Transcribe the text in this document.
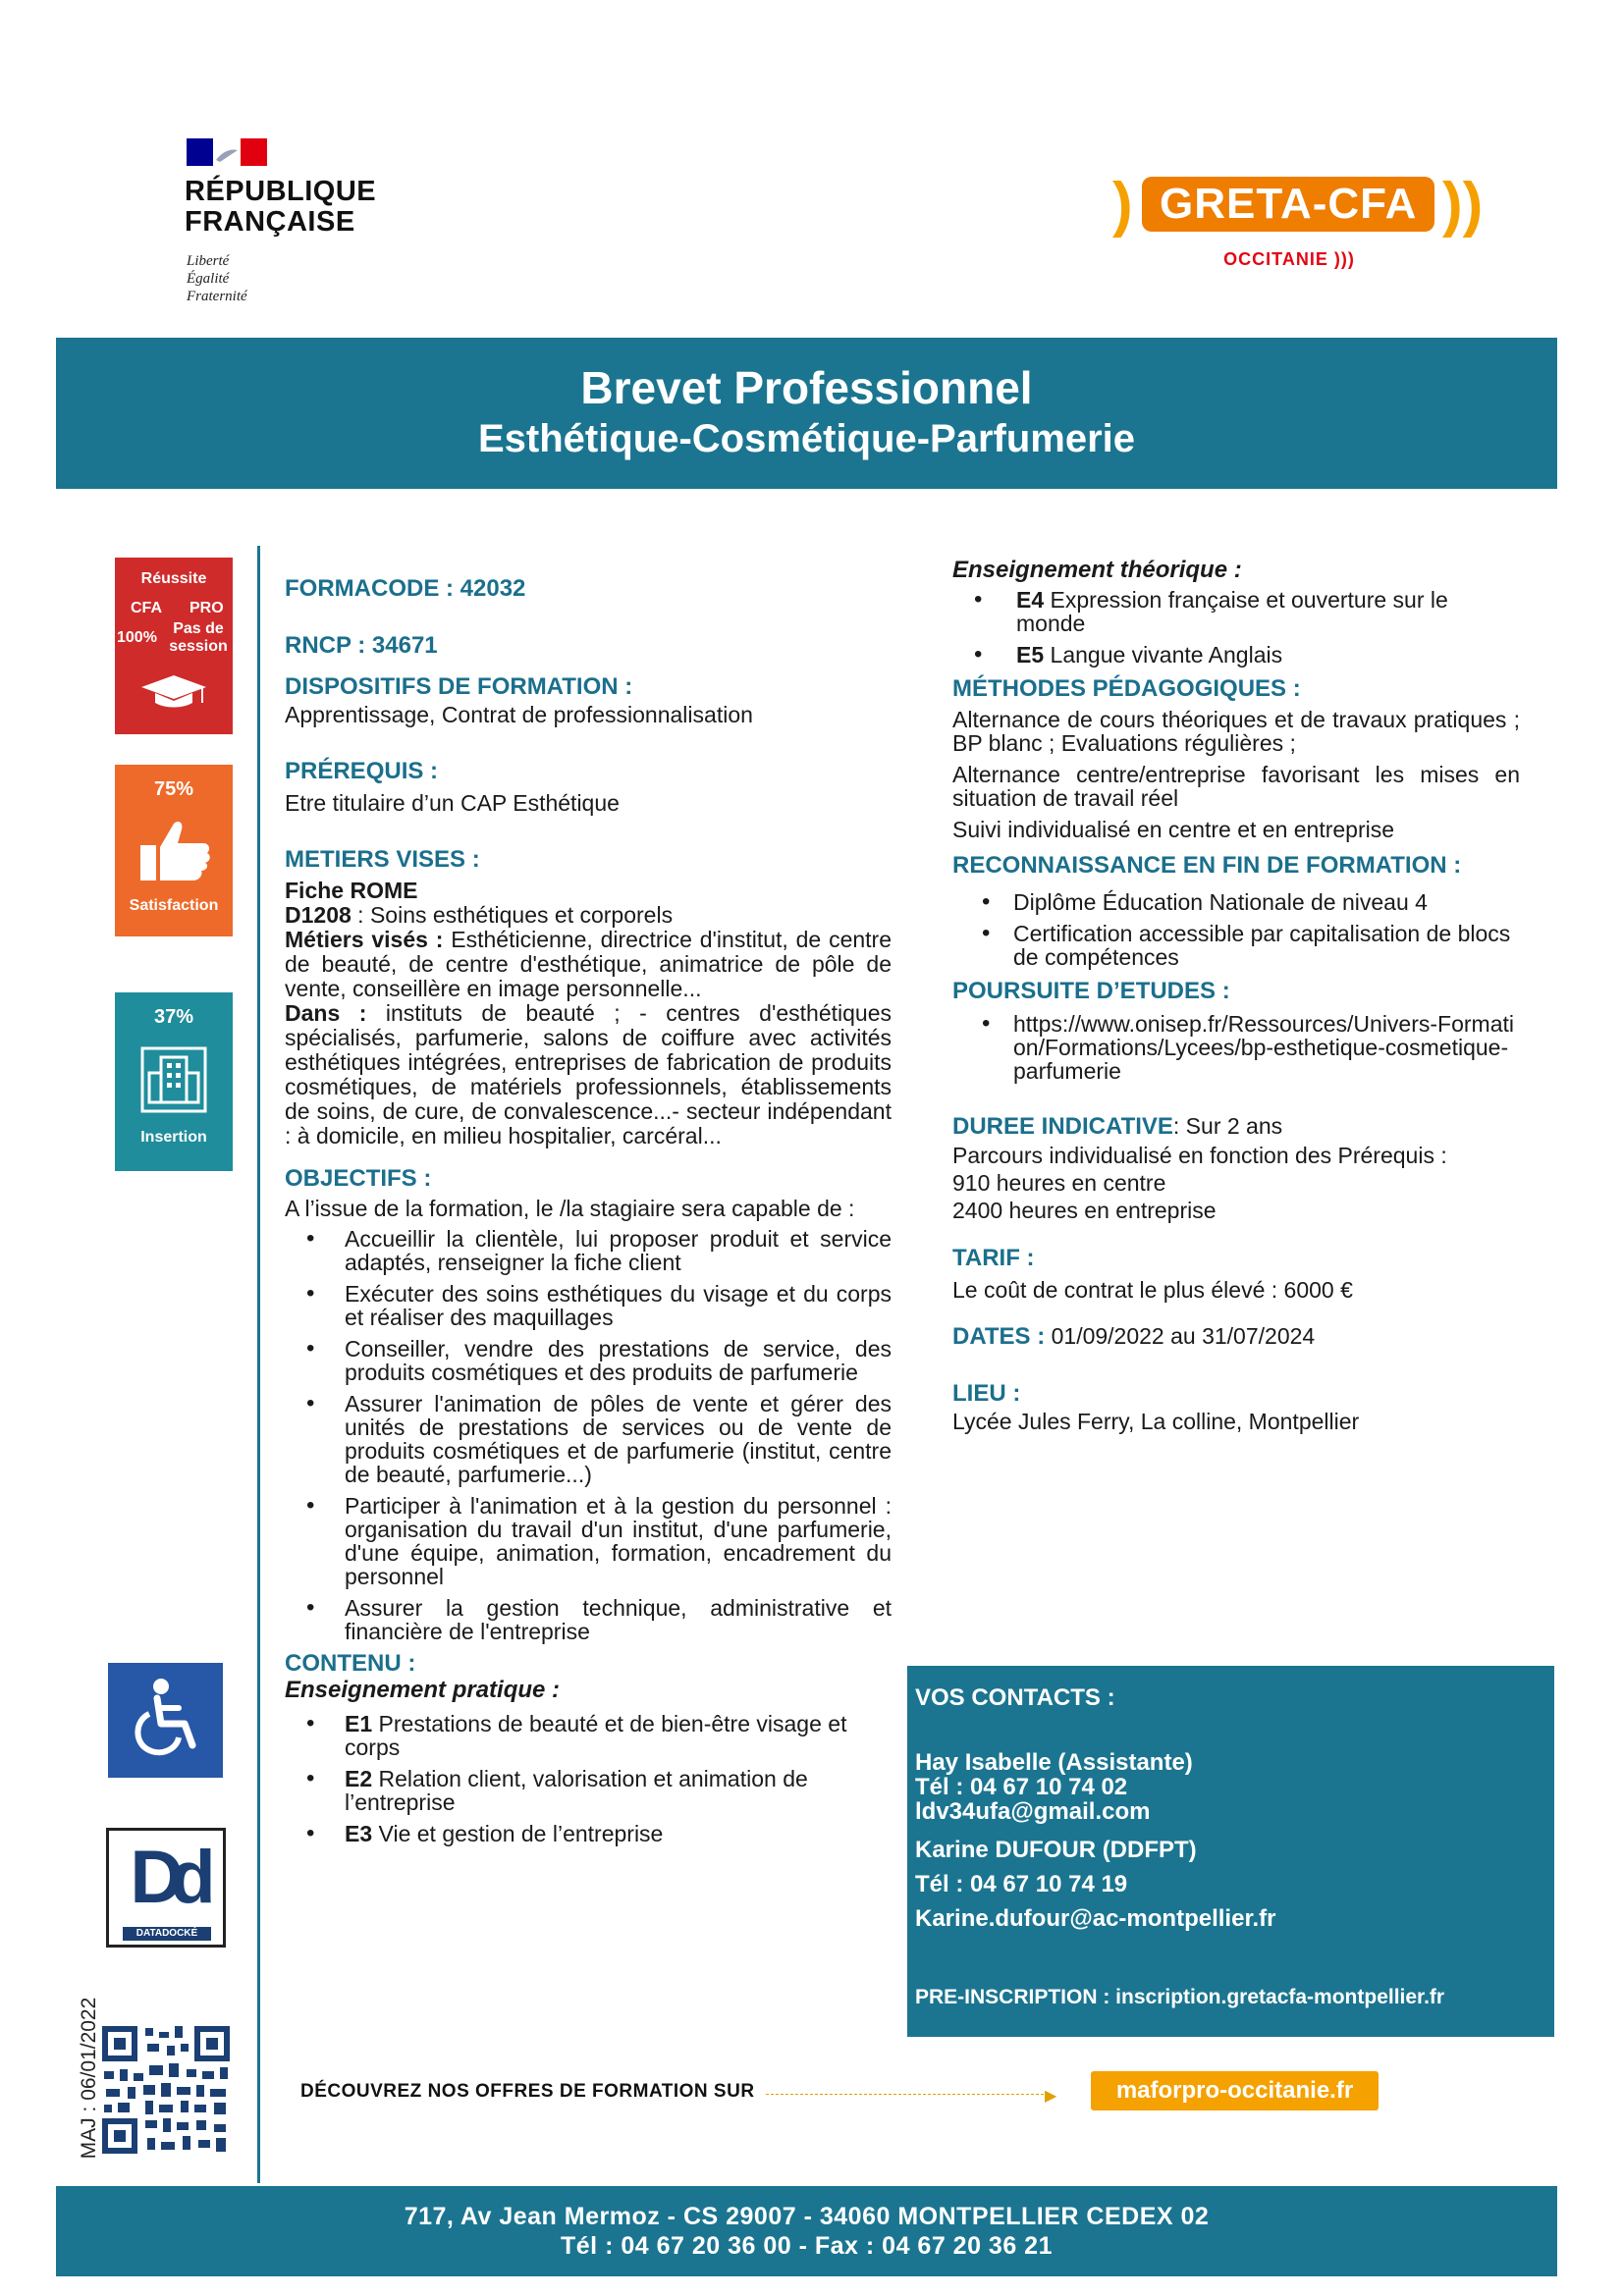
RÉPUBLIQUE
FRANÇAISE
Liberté
Égalité
Fraternité
) GRETA-CFA ))
OCCITANIE )))
Brevet Professionnel
Esthétique-Cosmétique-Parfumerie
Réussite
CFA PRO
100%
Pas de session
75%
Satisfaction
37%
Insertion
Dd
DATADOCKÉ
MAJ : 06/01/2022
FORMACODE : 42032
RNCP : 34671
DISPOSITIFS DE FORMATION :
Apprentissage, Contrat de professionnalisation
PRÉREQUIS :
Etre titulaire d’un CAP Esthétique
METIERS VISES :
Fiche ROME
D1208 : Soins esthétiques et corporels
Métiers visés : Esthéticienne, directrice d'institut, de centre de beauté, de centre d'esthétique, animatrice de pôle de vente, conseillère en image personnelle...
Dans : instituts de beauté ; - centres d'esthétiques spécialisés, parfumerie, salons de coiffure avec activités esthétiques intégrées, entreprises de fabrication de produits cosmétiques, de matériels professionnels, établissements de soins, de cure, de convalescence...- secteur indépendant : à domicile, en milieu hospitalier, carcéral...
OBJECTIFS :
A l’issue de la formation, le /la stagiaire sera capable de :
• Accueillir la clientèle, lui proposer produit et service adaptés, renseigner la fiche client
• Exécuter des soins esthétiques du visage et du corps et réaliser des maquillages
• Conseiller, vendre des prestations de service, des produits cosmétiques et des produits de parfumerie
• Assurer l'animation de pôles de vente et gérer des unités de prestations de services ou de vente de produits cosmétiques et de parfumerie (institut, centre de beauté, parfumerie...)
• Participer à l'animation et à la gestion du personnel : organisation du travail d'un institut, d'une parfumerie, d'une équipe, animation, formation, encadrement du personnel
• Assurer la gestion technique, administrative et financière de l'entreprise
CONTENU :
Enseignement pratique :
• E1 Prestations de beauté et de bien-être visage et corps
• E2 Relation client, valorisation et animation de l’entreprise
• E3 Vie et gestion de l’entreprise
Enseignement théorique :
• E4 Expression française et ouverture sur le monde
• E5 Langue vivante Anglais
MÉTHODES PÉDAGOGIQUES :
Alternance de cours théoriques et de travaux pratiques ; BP blanc ; Evaluations régulières ;
Alternance centre/entreprise favorisant les mises en situation de travail réel
Suivi individualisé en centre et en entreprise
RECONNAISSANCE EN FIN DE FORMATION :
• Diplôme Éducation Nationale de niveau 4
• Certification accessible par capitalisation de blocs de compétences
POURSUITE D’ETUDES :
• https://www.onisep.fr/Ressources/Univers-Formation/Formations/Lycees/bp-esthetique-cosmetique-parfumerie
DUREE INDICATIVE: Sur 2 ans
Parcours individualisé en fonction des Prérequis :
910 heures en centre
2400 heures en entreprise
TARIF :
Le coût de contrat le plus élevé : 6000 €
DATES : 01/09/2022 au 31/07/2024
LIEU :
Lycée Jules Ferry, La colline, Montpellier
VOS CONTACTS :
Hay Isabelle (Assistante)
Tél : 04 67 10 74 02
ldv34ufa@gmail.com
Karine DUFOUR (DDFPT)
Tél : 04 67 10 74 19
Karine.dufour@ac-montpellier.fr
PRE-INSCRIPTION : inscription.gretacfa-montpellier.fr
DÉCOUVREZ NOS OFFRES DE FORMATION SUR	▶	maforpro-occitanie.fr
717, Av Jean Mermoz - CS 29007 - 34060 MONTPELLIER CEDEX 02
Tél : 04 67 20 36 00 - Fax : 04 67 20 36 21
